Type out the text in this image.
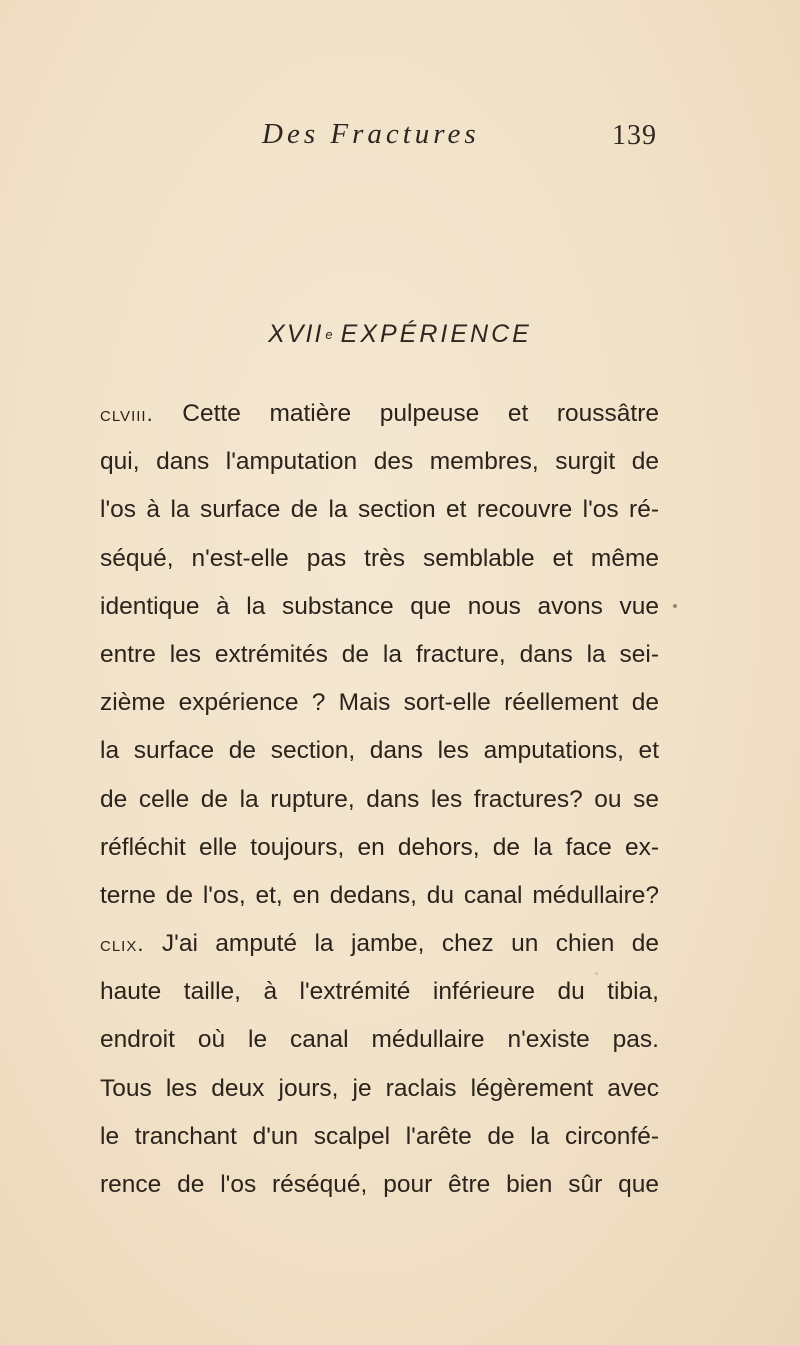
Des Fractures	139
XVII e EXPÉRIENCE
clviii. Cette matière pulpeuse et roussâtre
qui, dans l'amputation des membres, surgit de
l'os à la surface de la section et recouvre l'os ré-
séqué, n'est-elle pas très semblable et même
identique à la substance que nous avons vue
entre les extrémités de la fracture, dans la sei-
zième expérience ? Mais sort-elle réellement de
la surface de section, dans les amputations, et
de celle de la rupture, dans les fractures? ou se
réfléchit elle toujours, en dehors, de la face ex-
terne de l'os, et, en dedans, du canal médullaire?
clix. J'ai amputé la jambe, chez un chien de
haute taille, à l'extrémité inférieure du tibia,
endroit où le canal médullaire n'existe pas.
Tous les deux jours, je raclais légèrement avec
le tranchant d'un scalpel l'arête de la circonfé-
rence de l'os réséqué, pour être bien sûr que
